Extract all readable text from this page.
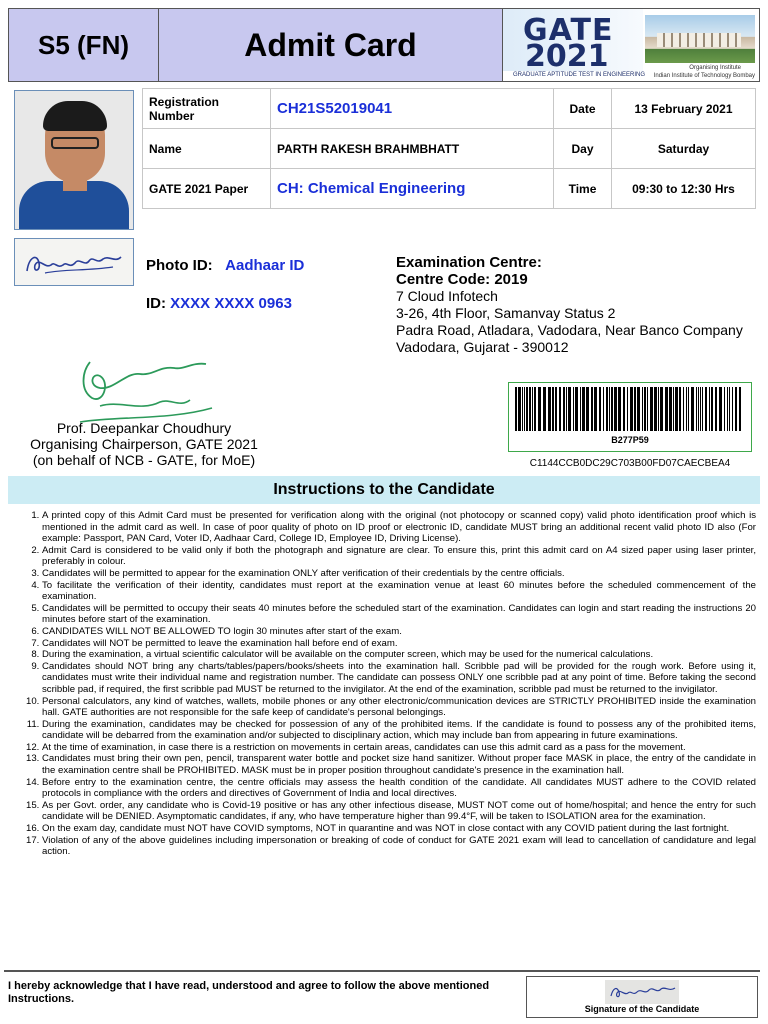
S5 (FN)	Admit Card	GATE
2021
GRADUATE APTITUDE TEST IN ENGINEERING
Organising Institute
Indian Institute of Technology Bombay
Registration Number	CH21S52019041	Date	13 February 2021
Name	PARTH RAKESH BRAHMBHATT	Day	Saturday
GATE 2021 Paper	CH: Chemical Engineering	Time	09:30 to 12:30 Hrs
Photo ID: Aadhaar ID
ID: XXXX XXXX 0963
Examination Centre:
Centre Code: 2019
7 Cloud Infotech
3-26, 4th Floor, Samanvay Status 2
Padra Road, Atladara, Vadodara, Near Banco Company
Vadodara, Gujarat - 390012
Prof. Deepankar Choudhury
Organising Chairperson, GATE 2021
(on behalf of NCB - GATE, for MoE)
B277P59
C1144CCB0DC29C703B00FD07CAECBEA4
Instructions to the Candidate
1. A printed copy of this Admit Card must be presented for verification along with the original (not photocopy or scanned copy) valid photo identification proof which is mentioned in the admit card as well. In case of poor quality of photo on ID proof or electronic ID, candidate MUST bring an additional recent valid photo ID also (For example: Passport, PAN Card, Voter ID, Aadhaar Card, College ID, Employee ID, Driving License).
2. Admit Card is considered to be valid only if both the photograph and signature are clear. To ensure this, print this admit card on A4 sized paper using laser printer, preferably in colour.
3. Candidates will be permitted to appear for the examination ONLY after verification of their credentials by the centre officials.
4. To facilitate the verification of their identity, candidates must report at the examination venue at least 60 minutes before the scheduled commencement of the examination.
5. Candidates will be permitted to occupy their seats 40 minutes before the scheduled start of the examination. Candidates can login and start reading the instructions 20 minutes before start of the examination.
6. CANDIDATES WILL NOT BE ALLOWED TO login 30 minutes after start of the exam.
7. Candidates will NOT be permitted to leave the examination hall before end of exam.
8. During the examination, a virtual scientific calculator will be available on the computer screen, which may be used for the numerical calculations.
9. Candidates should NOT bring any charts/tables/papers/books/sheets into the examination hall. Scribble pad will be provided for the rough work. Before using it, candidates must write their individual name and registration number. The candidate can possess ONLY one scribble pad at any point of time. Before taking the second scribble pad, if required, the first scribble pad MUST be returned to the invigilator. At the end of the examination, scribble pad must be returned to the invigilator.
10. Personal calculators, any kind of watches, wallets, mobile phones or any other electronic/communication devices are STRICTLY PROHIBITED inside the examination hall. GATE authorities are not responsible for the safe keep of candidate's personal belongings.
11. During the examination, candidates may be checked for possession of any of the prohibited items. If the candidate is found to possess any of the prohibited items, candidate will be debarred from the examination and/or subjected to disciplinary action, which may include ban from appearing in future examinations.
12. At the time of examination, in case there is a restriction on movements in certain areas, candidates can use this admit card as a pass for the movement.
13. Candidates must bring their own pen, pencil, transparent water bottle and pocket size hand sanitizer. Without proper face MASK in place, the entry of the candidate in the examination centre shall be PROHIBITED. MASK must be in proper position throughout candidate's presence in the examination hall.
14. Before entry to the examination centre, the centre officials may assess the health condition of the candidate. All candidates MUST adhere to the COVID related protocols in compliance with the orders and directives of Government of India and local directives.
15. As per Govt. order, any candidate who is Covid-19 positive or has any other infectious disease, MUST NOT come out of home/hospital; and hence the entry for such candidate will be DENIED. Asymptomatic candidates, if any, who have temperature higher than 99.4°F, will be taken to ISOLATION area for the examination.
16. On the exam day, candidate must NOT have COVID symptoms, NOT in quarantine and was NOT in close contact with any COVID patient during the last fortnight.
17. Violation of any of the above guidelines including impersonation or breaking of code of conduct for GATE 2021 exam will lead to cancellation of candidature and legal action.
I hereby acknowledge that I have read, understood and agree to follow the above mentioned Instructions.
Signature of the Candidate
